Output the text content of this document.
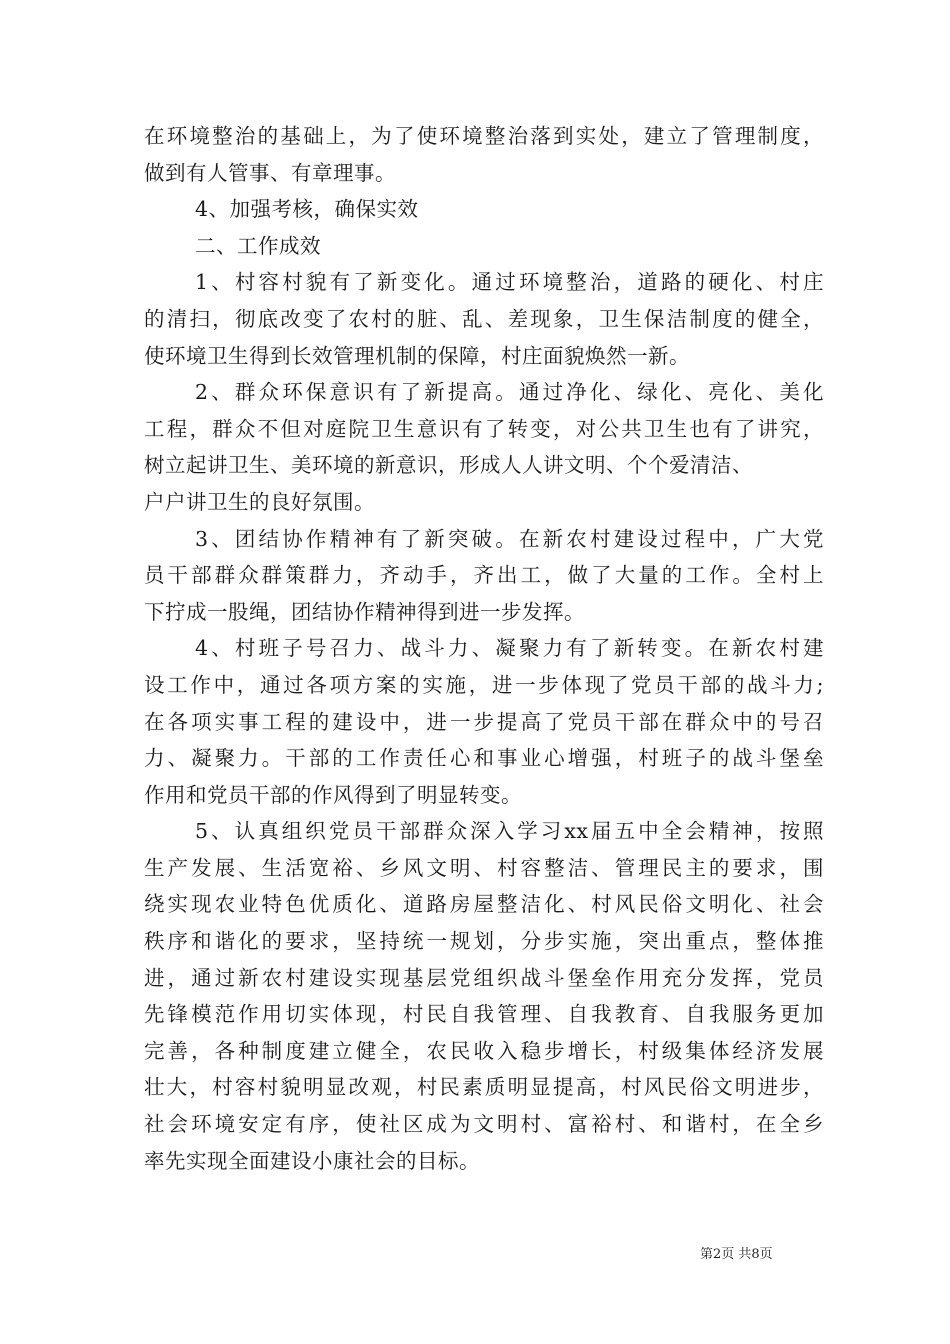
在环境整治的基础上，为了使环境整治落到实处，建立了管理制度，
做到有人管事、有章理事。
4、加强考核，确保实效
二、工作成效
1、村容村貌有了新变化。通过环境整治，道路的硬化、村庄
的清扫，彻底改变了农村的脏、乱、差现象，卫生保洁制度的健全，
使环境卫生得到长效管理机制的保障，村庄面貌焕然一新。
2、群众环保意识有了新提高。通过净化、绿化、亮化、美化
工程，群众不但对庭院卫生意识有了转变，对公共卫生也有了讲究，
树立起讲卫生、美环境的新意识，形成人人讲文明、个个爱清洁、
户户讲卫生的良好氛围。
3、团结协作精神有了新突破。在新农村建设过程中，广大党
员干部群众群策群力，齐动手，齐出工，做了大量的工作。全村上
下拧成一股绳，团结协作精神得到进一步发挥。
4、村班子号召力、战斗力、凝聚力有了新转变。在新农村建
设工作中，通过各项方案的实施，进一步体现了党员干部的战斗力;
在各项实事工程的建设中，进一步提高了党员干部在群众中的号召
力、凝聚力。干部的工作责任心和事业心增强，村班子的战斗堡垒
作用和党员干部的作风得到了明显转变。
5、认真组织党员干部群众深入学习xx届五中全会精神，按照
生产发展、生活宽裕、乡风文明、村容整洁、管理民主的要求，围
绕实现农业特色优质化、道路房屋整洁化、村风民俗文明化、社会
秩序和谐化的要求，坚持统一规划，分步实施，突出重点，整体推
进，通过新农村建设实现基层党组织战斗堡垒作用充分发挥，党员
先锋模范作用切实体现，村民自我管理、自我教育、自我服务更加
完善，各种制度建立健全，农民收入稳步增长，村级集体经济发展
壮大，村容村貌明显改观，村民素质明显提高，村风民俗文明进步，
社会环境安定有序，使社区成为文明村、富裕村、和谐村，在全乡
率先实现全面建设小康社会的目标。
第2页 共8页
